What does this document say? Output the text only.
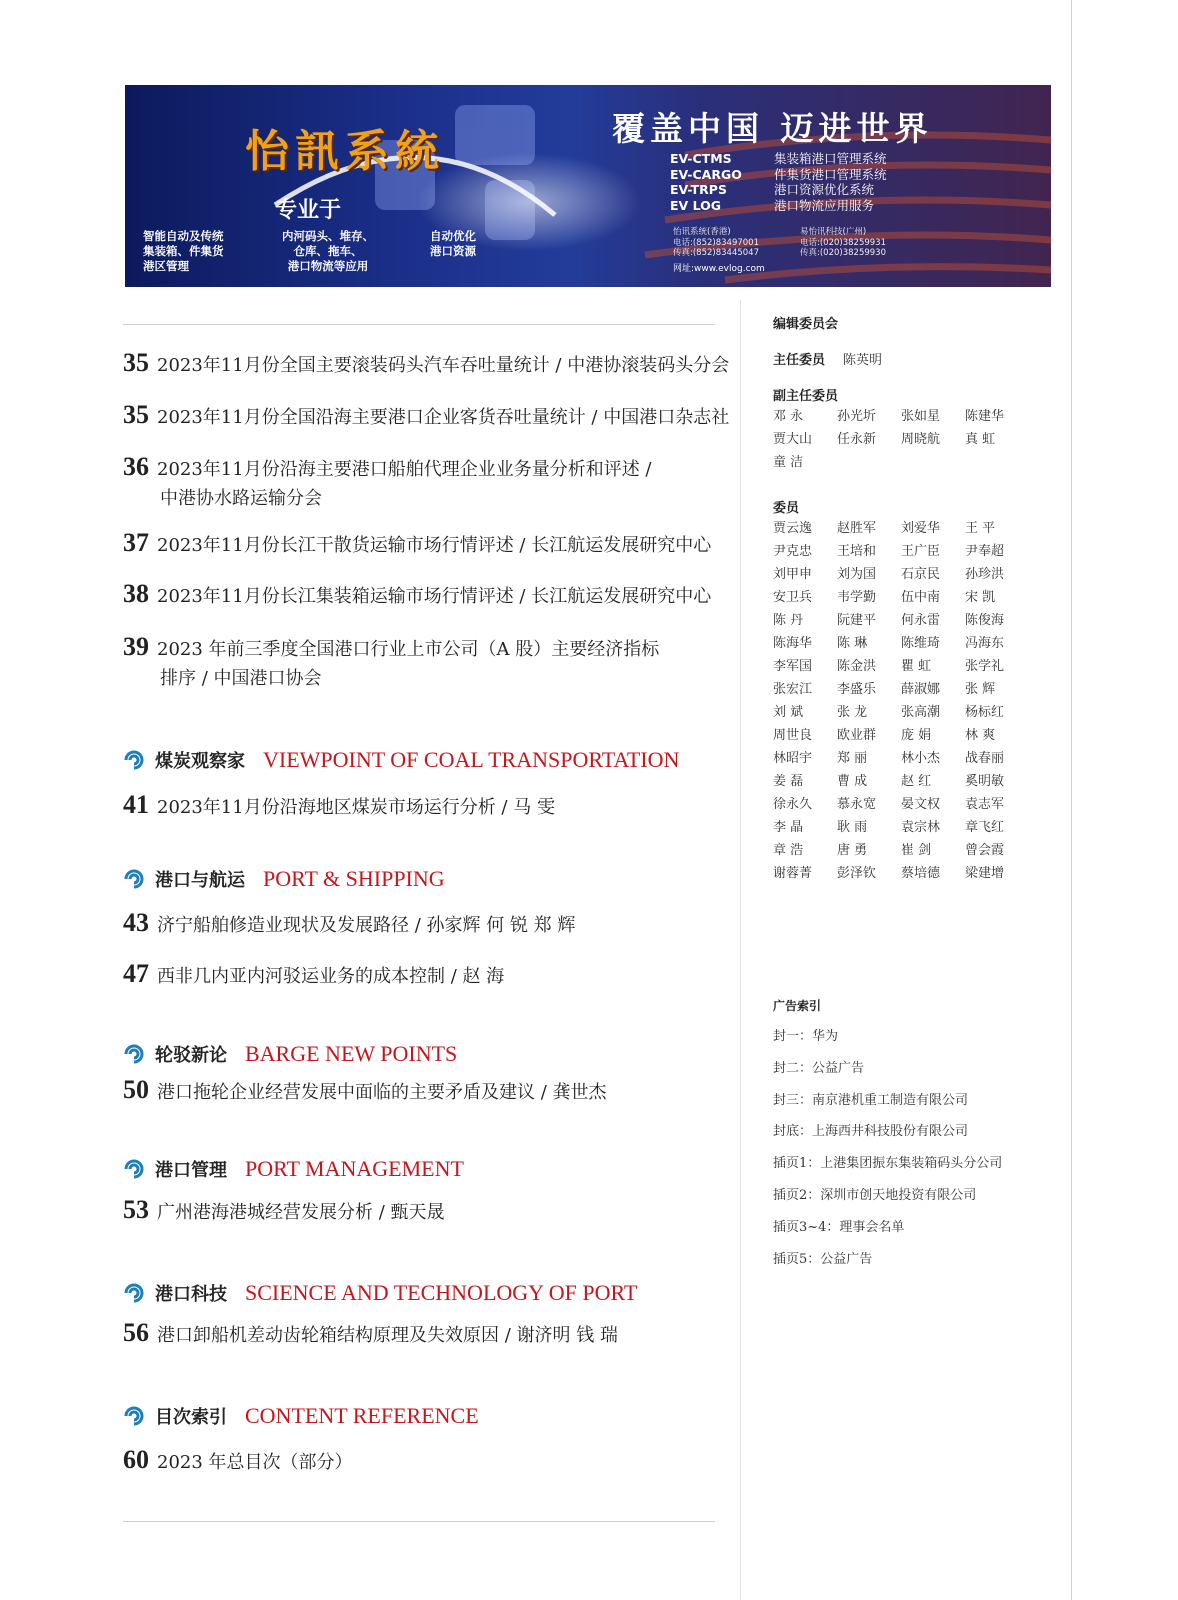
怡訊系統
专业于
智能自动及传统
集装箱、件集货
港区管理
内河码头、堆存、
仓库、拖车、
港口物流等应用
自动优化
港口资源
覆盖中国 迈进世界
EV-CTMS	集装箱港口管理系统
EV-CARGO	件集货港口管理系统
EV-TRPS	港口资源优化系统
EV LOG	港口物流应用服务
怡讯系统(香港)
电话:(852)83497001
传真:(852)83445047
易怡讯科技(广州)
电话:(020)38259931
传真:(020)38259930
网址:www.evlog.com
35 2023年11月份全国主要滚装码头汽车吞吐量统计 / 中港协滚装码头分会
35 2023年11月份全国沿海主要港口企业客货吞吐量统计 / 中国港口杂志社
36 2023年11月份沿海主要港口船舶代理企业业务量分析和评述 /
中港协水路运输分会
37 2023年11月份长江干散货运输市场行情评述 / 长江航运发展研究中心
38 2023年11月份长江集装箱运输市场行情评述 / 长江航运发展研究中心
39 2023 年前三季度全国港口行业上市公司（A 股）主要经济指标
排序 / 中国港口协会
煤炭观察家 VIEWPOINT OF COAL TRANSPORTATION
41 2023年11月份沿海地区煤炭市场运行分析 / 马 雯
港口与航运 PORT & SHIPPING
43 济宁船舶修造业现状及发展路径 / 孙家辉 何 锐 郑 辉
47 西非几内亚内河驳运业务的成本控制 / 赵 海
轮驳新论 BARGE NEW POINTS
50 港口拖轮企业经营发展中面临的主要矛盾及建议 / 龚世杰
港口管理 PORT MANAGEMENT
53 广州港海港城经营发展分析 / 甄天晟
港口科技 SCIENCE AND TECHNOLOGY OF PORT
56 港口卸船机差动齿轮箱结构原理及失效原因 / 谢济明 钱 瑞
目次索引 CONTENT REFERENCE
60 2023 年总目次（部分）
编辑委员会
主任委员 陈英明
副主任委员
邓 永	孙光圻	张如星	陈建华
贾大山	任永新	周晓航	真 虹
童 洁
委员
贾云逸	赵胜军	刘爱华	王 平
尹克忠	王培和	王广臣	尹奉超
刘甲申	刘为国	石京民	孙珍洪
安卫兵	韦学勤	伍中南	宋 凯
陈 丹	阮建平	何永雷	陈俊海
陈海华	陈 琳	陈维琦	冯海东
李军国	陈金洪	瞿 虹	张学礼
张宏江	李盛乐	薛淑娜	张 辉
刘 斌	张 龙	张高潮	杨标红
周世良	欧业群	庞 娟	林 爽
林昭宇	郑 丽	林小杰	战春丽
姜 磊	曹 成	赵 红	奚明敏
徐永久	慕永宽	晏文权	袁志军
李 晶	耿 雨	袁宗林	章飞红
章 浩	唐 勇	崔 剑	曾会霞
谢蓉菁	彭泽钦	蔡培德	梁建增
广告索引
封一：华为
封二：公益广告
封三：南京港机重工制造有限公司
封底：上海西井科技股份有限公司
插页1：上港集团振东集装箱码头分公司
插页2：深圳市创天地投资有限公司
插页3~4：理事会名单
插页5：公益广告
